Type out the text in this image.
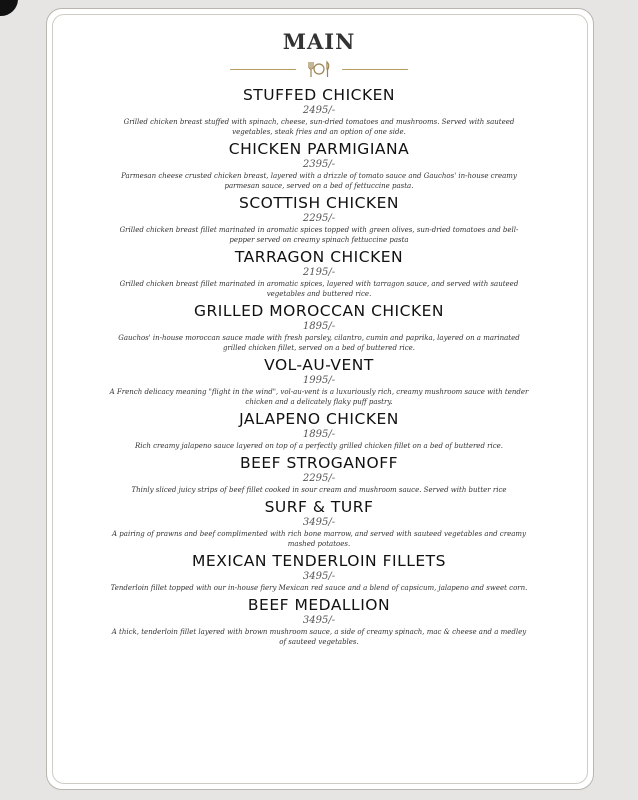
MAIN
STUFFED CHICKEN
2495/-
Grilled chicken breast stuffed with spinach, cheese, sun-dried tomatoes and mushrooms. Served with sauteed vegetables, steak fries and an option of one side.
CHICKEN PARMIGIANA
2395/-
Parmesan cheese crusted chicken breast, layered with a drizzle of tomato sauce and Gauchos' in-house creamy parmesan sauce, served on a bed of fettuccine pasta.
SCOTTISH CHICKEN
2295/-
Grilled chicken breast fillet marinated in aromatic spices topped with green olives, sun-dried tomatoes and bell-pepper served on creamy spinach fettuccine pasta
TARRAGON CHICKEN
2195/-
Grilled chicken breast fillet marinated in aromatic spices, layered with tarragon sauce, and served with sauteed vegetables and buttered rice.
GRILLED MOROCCAN CHICKEN
1895/-
Gauchos' in-house moroccan sauce made with fresh parsley, cilantro, cumin and paprika, layered on a marinated grilled chicken fillet, served on a bed of buttered rice.
VOL-AU-VENT
1995/-
A French delicacy meaning "flight in the wind", vol-au-vent is a luxuriously rich, creamy mushroom sauce with tender chicken and a delicately flaky puff pastry.
JALAPENO CHICKEN
1895/-
Rich creamy jalapeno sauce layered on top of a perfectly grilled chicken fillet on a bed of buttered rice.
BEEF STROGANOFF
2295/-
Thinly sliced juicy strips of beef fillet cooked in sour cream and mushroom sauce. Served with butter rice
SURF & TURF
3495/-
A pairing of prawns and beef complimented with rich bone marrow, and served with sauteed vegetables and creamy mashed potatoes.
MEXICAN TENDERLOIN FILLETS
3495/-
Tenderloin fillet topped with our in-house fiery Mexican red sauce and a blend of capsicum, jalapeno and sweet corn.
BEEF MEDALLION
3495/-
A thick, tenderloin fillet layered with brown mushroom sauce, a side of creamy spinach, mac & cheese and a medley of sauteed vegetables.
